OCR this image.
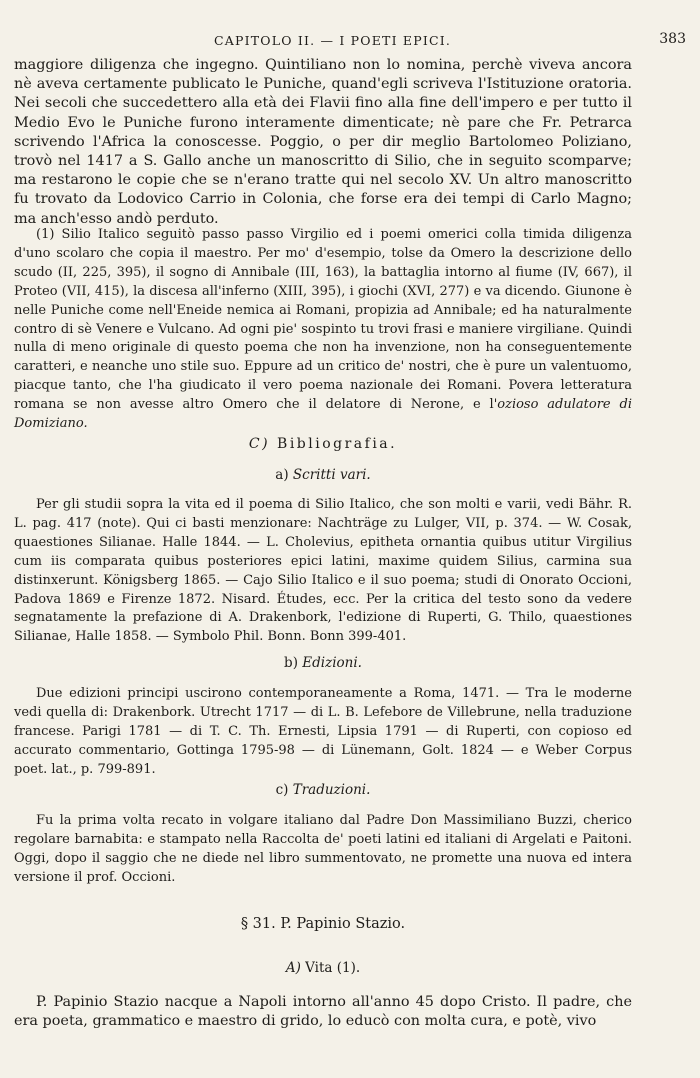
CAPITOLO II. — I POETI EPICI.	383

maggiore diligenza che ingegno. Quintiliano non lo nomina, perchè viveva ancora nè aveva certamente publicato le Puniche, quand'egli scriveva l'Istituzione oratoria. Nei secoli che succedettero alla età dei Flavii fino alla fine dell'impero e per tutto il Medio Evo le Puniche furono interamente dimenticate; nè pare che Fr. Petrarca scrivendo l'Africa la conoscesse. Poggio, o per dir meglio Bartolomeo Poliziano, trovò nel 1417 a S. Gallo anche un manoscritto di Silio, che in seguito scomparve; ma restarono le copie che se n'erano tratte qui nel secolo XV. Un altro manoscritto fu trovato da Lodovico Carrio in Colonia, che forse era dei tempi di Carlo Magno; ma anch'esso andò perduto.

(1) Silio Italico seguitò passo passo Virgilio ed i poemi omerici colla timida diligenza d'uno scolaro che copia il maestro. Per mo' d'esempio, tolse da Omero la descrizione dello scudo (II, 225, 395), il sogno di Annibale (III, 163), la battaglia intorno al fiume (IV, 667), il Proteo (VII, 415), la discesa all'inferno (XIII, 395), i giochi (XVI, 277) e va dicendo. Giunone è nelle Puniche come nell'Eneide nemica ai Romani, propizia ad Annibale; ed ha naturalmente contro di sè Venere e Vulcano. Ad ogni pie' sospinto tu trovi frasi e maniere virgiliane. Quindi nulla di meno originale di questo poema che non ha invenzione, non ha conseguentemente caratteri, e neanche uno stile suo. Eppure ad un critico de' nostri, che è pure un valentuomo, piacque tanto, che l'ha giudicato il vero poema nazionale dei Romani. Povera letteratura romana se non avesse altro Omero che il delatore di Nerone, e l'ozioso adulatore di Domiziano.

C) Bibliografia.
a) Scritti vari.

Per gli studii sopra la vita ed il poema di Silio Italico, che son molti e varii, vedi Bähr. R. L. pag. 417 (note). Qui ci basti menzionare: Nachträge zu Lulger, VII, p. 374. — W. Cosak, quaestiones Silianae. Halle 1844. — L. Cholevius, epitheta ornantia quibus utitur Virgilius cum iis comparata quibus posteriores epici latini, maxime quidem Silius, carmina sua distinxerunt. Königsberg 1865. — Cajo Silio Italico e il suo poema; studi di Onorato Occioni, Padova 1869 e Firenze 1872. Nisard. Études, ecc. Per la critica del testo sono da vedere segnatamente la prefazione di A. Drakenbork, l'edizione di Ruperti, G. Thilo, quaestiones Silianae, Halle 1858. — Symbolo Phil. Bonn. Bonn 399-401.

b) Edizioni.

Due edizioni principi uscirono contemporaneamente a Roma, 1471. — Tra le moderne vedi quella di: Drakenbork. Utrecht 1717 — di L. B. Lefebore de Villebrune, nella traduzione francese. Parigi 1781 — di T. C. Th. Ernesti, Lipsia 1791 — di Ruperti, con copioso ed accurato commentario, Gottinga 1795-98 — di Lünemann, Golt. 1824 — e Weber Corpus poet. lat., p. 799-891.

c) Traduzioni.

Fu la prima volta recato in volgare italiano dal Padre Don Massimiliano Buzzi, cherico regolare barnabita: e stampato nella Raccolta de' poeti latini ed italiani di Argelati e Paitoni. Oggi, dopo il saggio che ne diede nel libro summentovato, ne promette una nuova ed intera versione il prof. Occioni.

§ 31. P. Papinio Stazio.
A) Vita (1).

P. Papinio Stazio nacque a Napoli intorno all'anno 45 dopo Cristo. Il padre, che era poeta, grammatico e maestro di grido, lo educò con molta cura, e potè, vivo
